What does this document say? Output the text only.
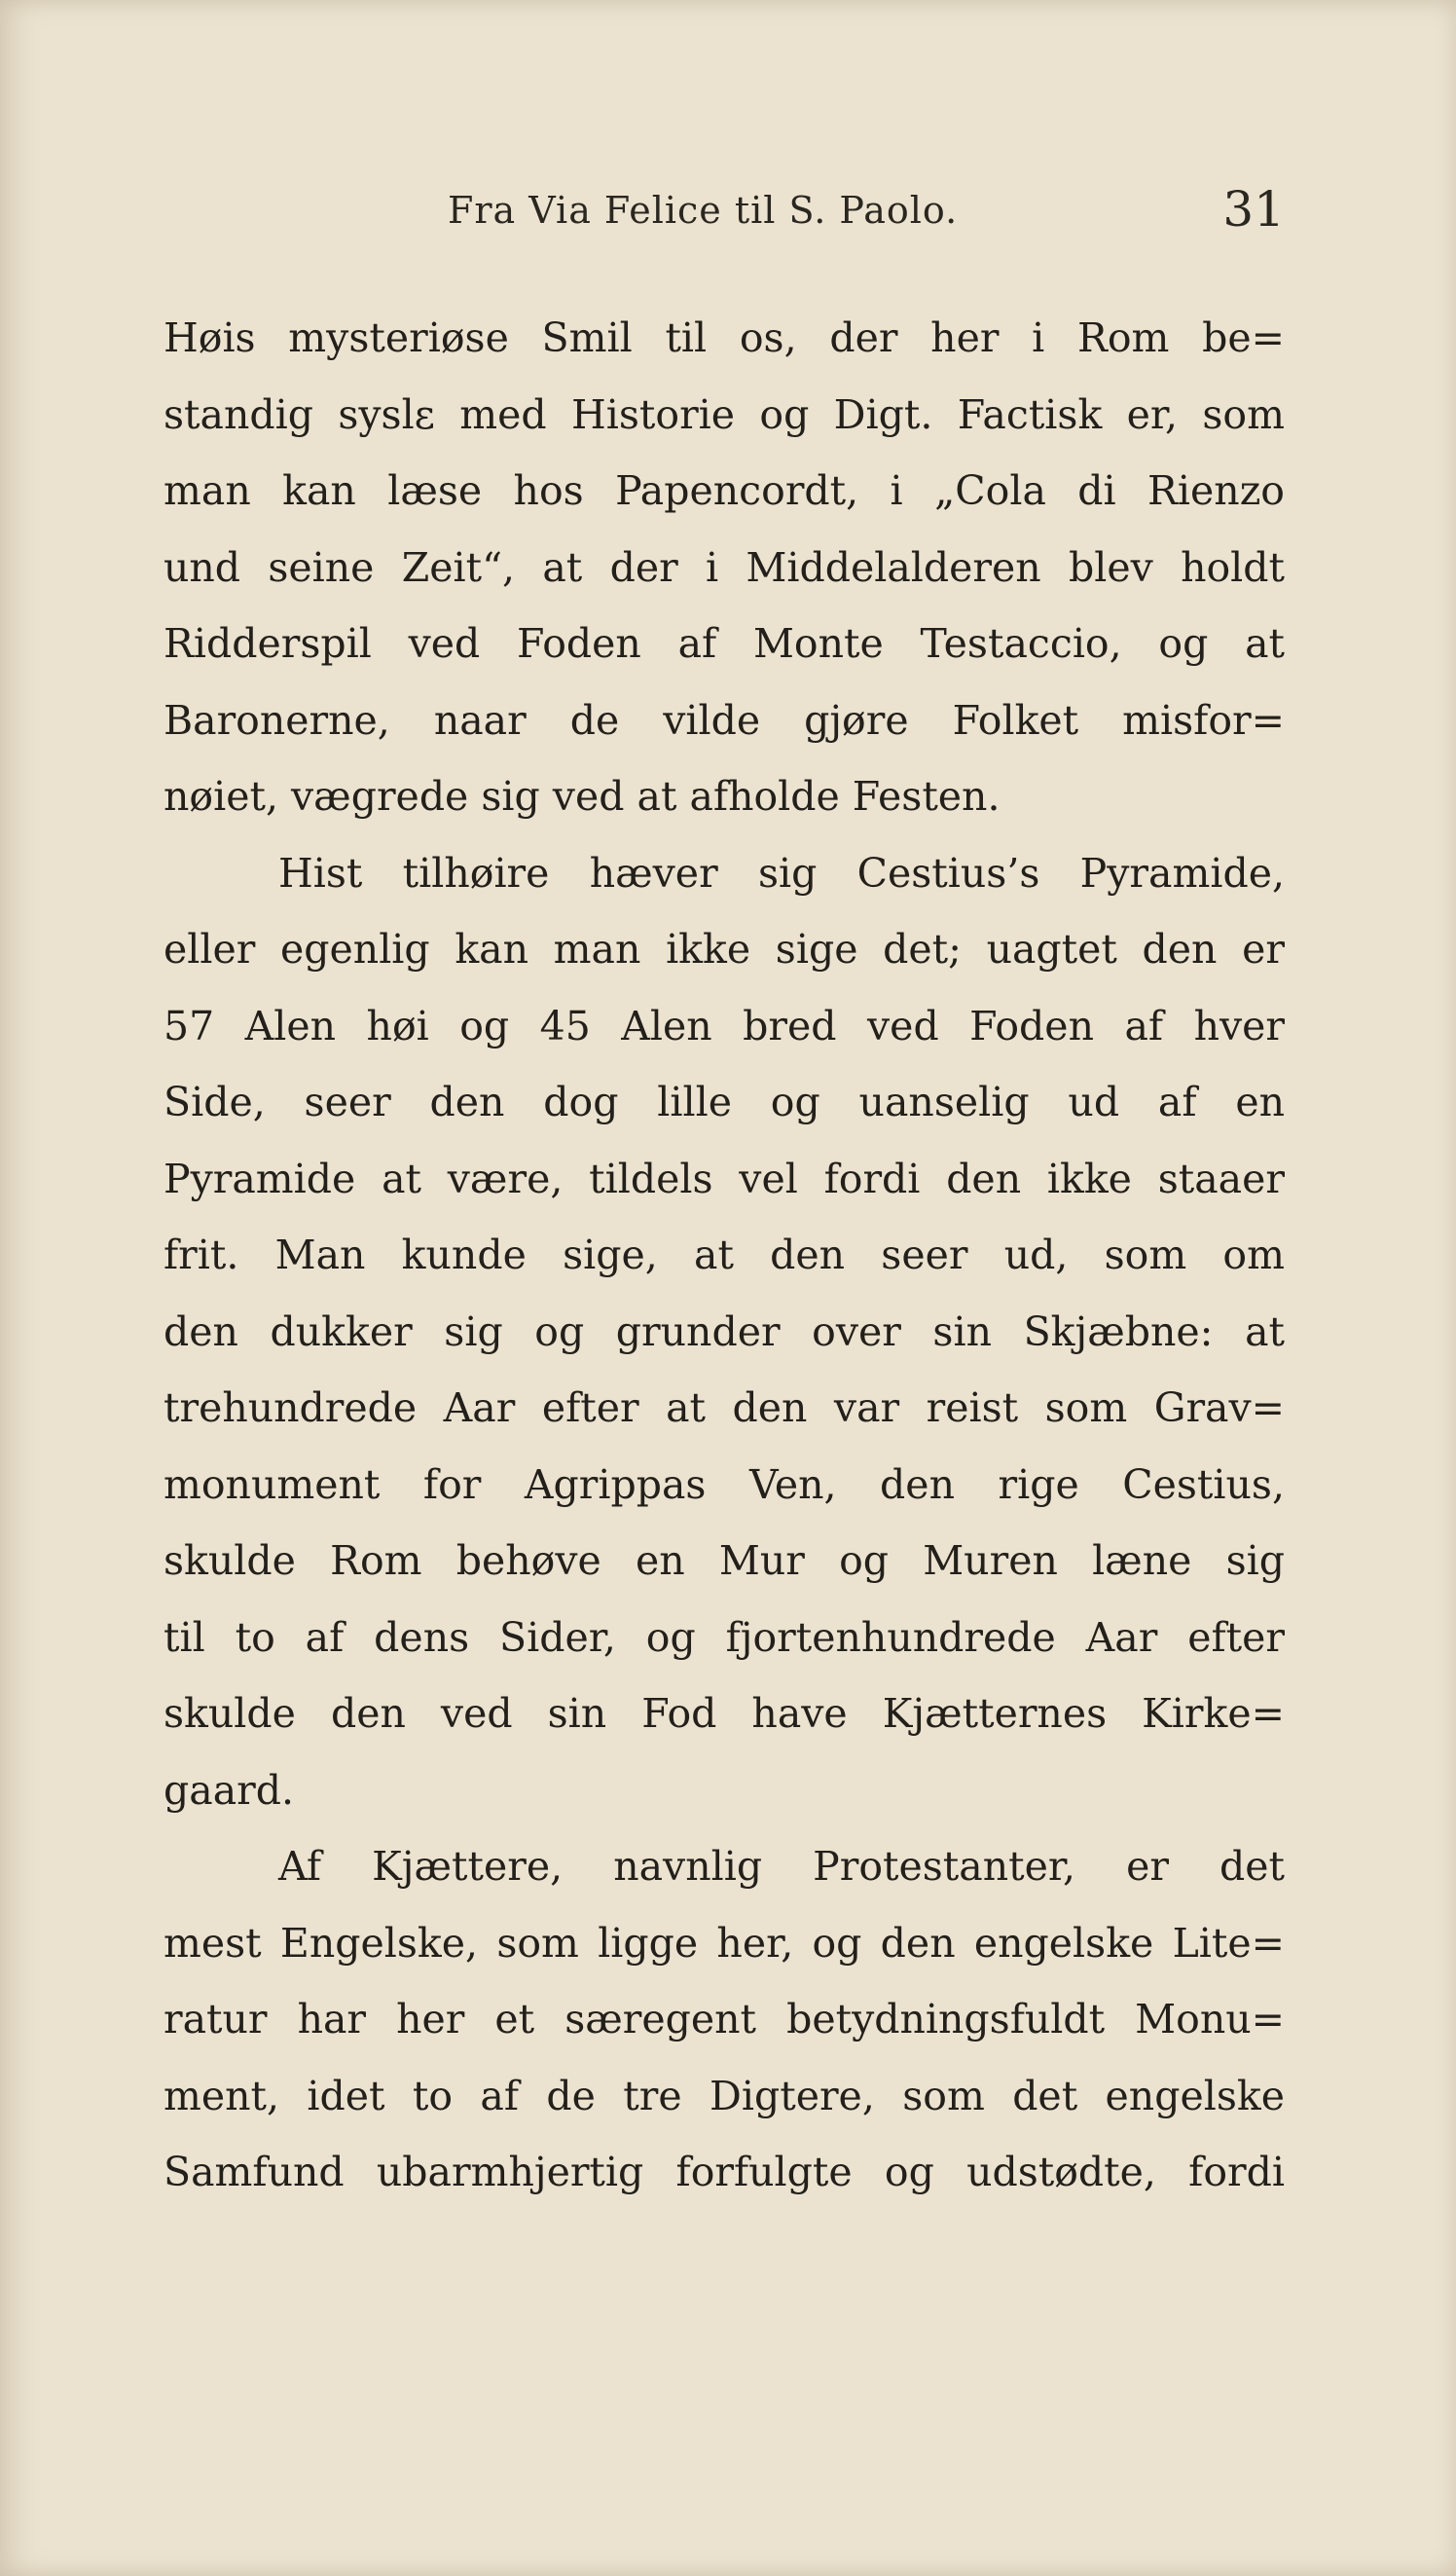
Fra Via Felice til S. Paolo.	31
Høis mysteriøse Smil til os, der her i Rom be=
standig syslε med Historie og Digt. Factisk er, som
man kan læse hos Papencordt, i „Cola di Rienzo
und seine Zeit“, at der i Middelalderen blev holdt
Ridderspil ved Foden af Monte Testaccio, og at
Baronerne, naar de vilde gjøre Folket misfor=
nøiet, vægrede sig ved at afholde Festen.
Hist tilhøire hæver sig Cestius’s Pyramide,
eller egenlig kan man ikke sige det; uagtet den er
57 Alen høi og 45 Alen bred ved Foden af hver
Side, seer den dog lille og uanselig ud af en
Pyramide at være, tildels vel fordi den ikke staaer
frit. Man kunde sige, at den seer ud, som om
den dukker sig og grunder over sin Skjæbne: at
trehundrede Aar efter at den var reist som Grav=
monument for Agrippas Ven, den rige Cestius,
skulde Rom behøve en Mur og Muren læne sig
til to af dens Sider, og fjortenhundrede Aar efter
skulde den ved sin Fod have Kjætternes Kirke=
gaard.
Af Kjættere, navnlig Protestanter, er det
mest Engelske, som ligge her, og den engelske Lite=
ratur har her et særegent betydningsfuldt Monu=
ment, idet to af de tre Digtere, som det engelske
Samfund ubarmhjertig forfulgte og udstødte, fordi
